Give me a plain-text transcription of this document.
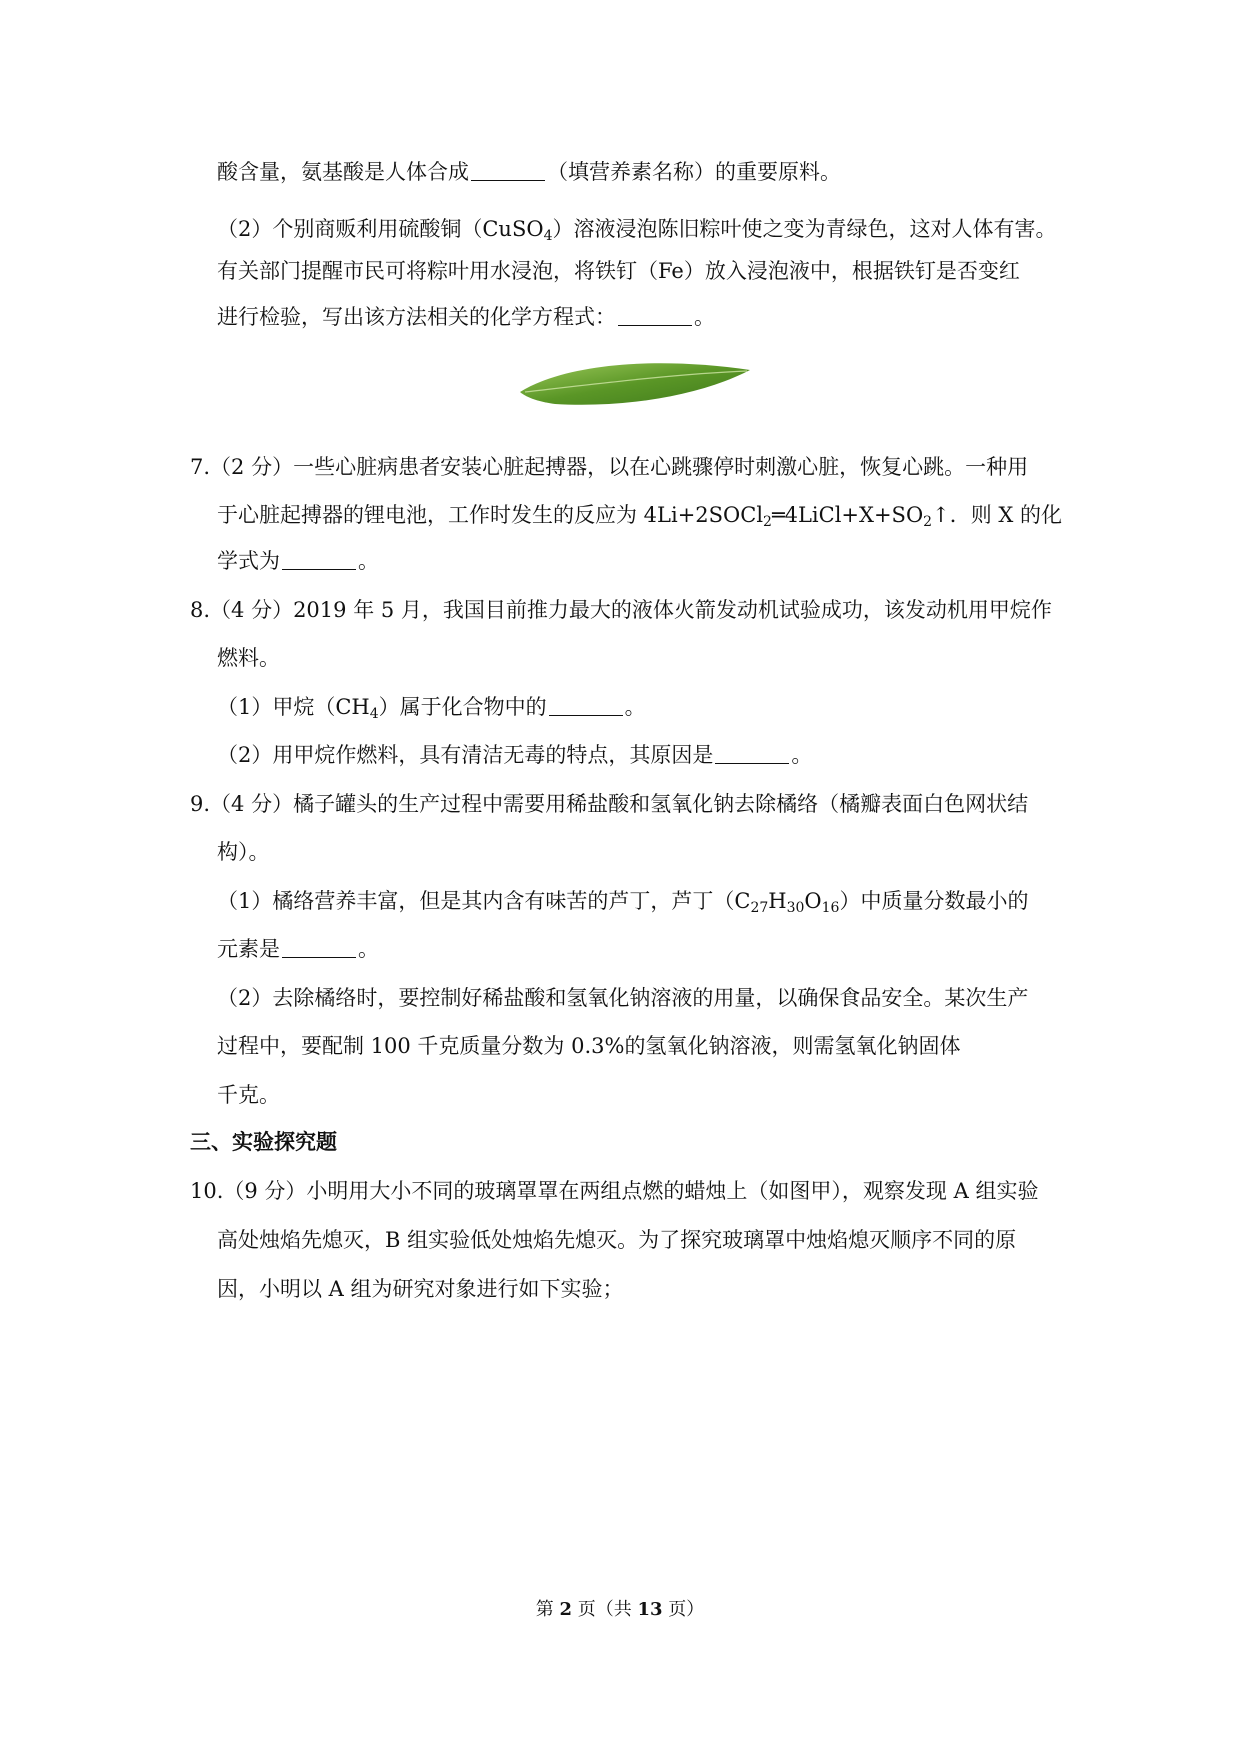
酸含量，氨基酸是人体合成	（填营养素名称）的重要原料。
（2）个别商贩利用硫酸铜（CuSO$_4$）溶液浸泡陈旧粽叶使之变为青绿色，这对人体有害。
有关部门提醒市民可将粽叶用水浸泡，将铁钉（Fe）放入浸泡液中，根据铁钉是否变红
进行检验，写出该方法相关的化学方程式：	。
7.（2 分）一些心脏病患者安装心脏起搏器，以在心跳骤停时刺激心脏，恢复心跳。一种用
于心脏起搏器的锂电池，工作时发生的反应为 $4Li+2SOCl_2═4LiCl+X+SO_2↑$．则 X 的化
学式为	。
8.（4 分）2019 年 5 月，我国目前推力最大的液体火箭发动机试验成功，该发动机用甲烷作
燃料。
（1）甲烷$(CH_4)$属于化合物中的	。
（2）用甲烷作燃料，具有清洁无毒的特点，其原因是	。
9.（4 分）橘子罐头的生产过程中需要用稀盐酸和氢氧化钠去除橘络（橘瓣表面白色网状结
构）。
（1）橘络营养丰富，但是其内含有味苦的芦丁，芦丁$(C_{27}H_{30}O_{16})$中质量分数最小的
元素是	。
（2）去除橘络时，要控制好稀盐酸和氢氧化钠溶液的用量，以确保食品安全。某次生产
过程中，要配制 100 千克质量分数为 0.3%的氢氧化钠溶液，则需氢氧化钠固体
千克。
三、实验探究题
10.（9 分）小明用大小不同的玻璃罩罩在两组点燃的蜡烛上（如图甲），观察发现 A 组实验
高处烛焰先熄灭，B 组实验低处烛焰先熄灭。为了探究玻璃罩中烛焰熄灭顺序不同的原
因，小明以 A 组为研究对象进行如下实验；
第 2 页（共 13 页）
